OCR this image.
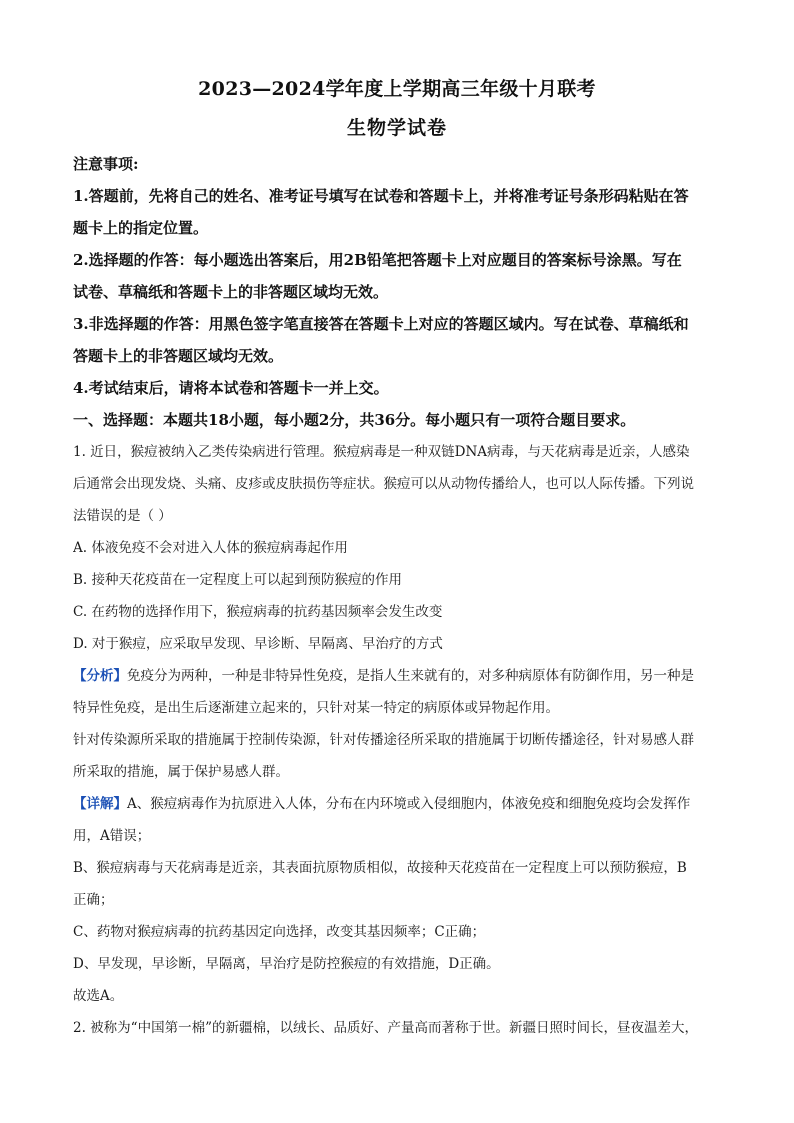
2023—2024学年度上学期高三年级十月联考
生物学试卷
注意事项:
1.答题前，先将自己的姓名、准考证号填写在试卷和答题卡上，并将准考证号条形码粘贴在答
题卡上的指定位置。
2.选择题的作答：每小题选出答案后，用2B铅笔把答题卡上对应题目的答案标号涂黑。写在
试卷、草稿纸和答题卡上的非答题区域均无效。
3.非选择题的作答：用黑色签字笔直接答在答题卡上对应的答题区域内。写在试卷、草稿纸和
答题卡上的非答题区域均无效。
4.考试结束后，请将本试卷和答题卡一并上交。
一、选择题：本题共18小题，每小题2分，共36分。每小题只有一项符合题目要求。
1. 近日，猴痘被纳入乙类传染病进行管理。猴痘病毒是一种双链DNA病毒，与天花病毒是近亲，人感染
后通常会出现发烧、头痛、皮疹或皮肤损伤等症状。猴痘可以从动物传播给人，也可以人际传播。下列说
法错误的是（ ）
A. 体液免疫不会对进入人体的猴痘病毒起作用
B. 接种天花疫苗在一定程度上可以起到预防猴痘的作用
C. 在药物的选择作用下，猴痘病毒的抗药基因频率会发生改变
D. 对于猴痘，应采取早发现、早诊断、早隔离、早治疗的方式
【分析】免疫分为两种，一种是非特异性免疫，是指人生来就有的，对多种病原体有防御作用，另一种是
特异性免疫，是出生后逐渐建立起来的，只针对某一特定的病原体或异物起作用。
针对传染源所采取的措施属于控制传染源，针对传播途径所采取的措施属于切断传播途径，针对易感人群
所采取的措施，属于保护易感人群。
【详解】A、猴痘病毒作为抗原进入人体，分布在内环境或入侵细胞内，体液免疫和细胞免疫均会发挥作
用，A错误；
B、猴痘病毒与天花病毒是近亲，其表面抗原物质相似，故接种天花疫苗在一定程度上可以预防猴痘，B
正确；
C、药物对猴痘病毒的抗药基因定向选择，改变其基因频率；C正确；
D、早发现，早诊断，早隔离，早治疗是防控猴痘的有效措施，D正确。
故选A。
2. 被称为“中国第一棉”的新疆棉，以绒长、品质好、产量高而著称于世。新疆日照时间长，昼夜温差大，
